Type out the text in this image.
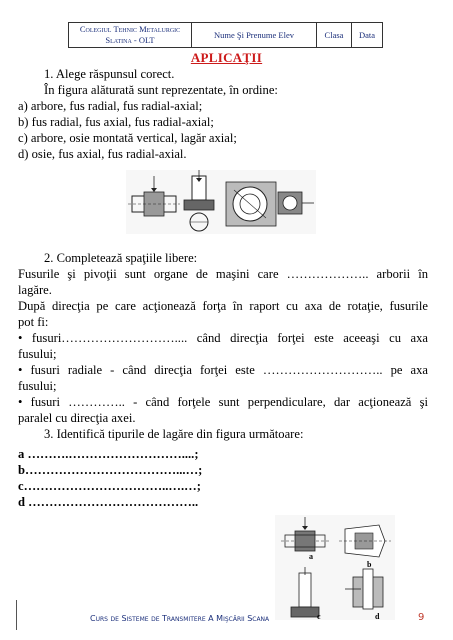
Colegiul Tehnic Metalurgic
Slatina - OLT	Nume Şi Prenume Elev	Clasa	Data
APLICAŢII
1. Alege răspunsul corect.
În figura alăturată sunt reprezentate, în ordine:
a) arbore, fus radial, fus radial-axial;
b) fus radial, fus axial, fus radial-axial;
c) arbore, osie montată vertical, lagăr axial;
d) osie, fus axial, fus radial-axial.
2. Completează spaţiile libere:
Fusurile şi pivoţii sunt organe de maşini care ……………….. arborii în
lagăre.
După direcţia pe care acţionează forţa în raport cu axa de rotaţie, fusurile
pot fi:
• fusuri……………………….... când direcţia forţei este aceeaşi cu axa
fusului;
• fusuri radiale - când direcţia forţei este ……………………….. pe axa
fusului;
• fusuri ………….. - când forţele sunt perpendiculare, dar acţionează şi
paralel cu direcţia axei.
3. Identifică tipurile de lagăre din figura următoare:
a ……….………………………....;
b………………………………...…;
c……………………………..….…;
d …………………………………..
a
b
c	d
Curs de Sisteme de Transmitere A Mişcării Scana	9
